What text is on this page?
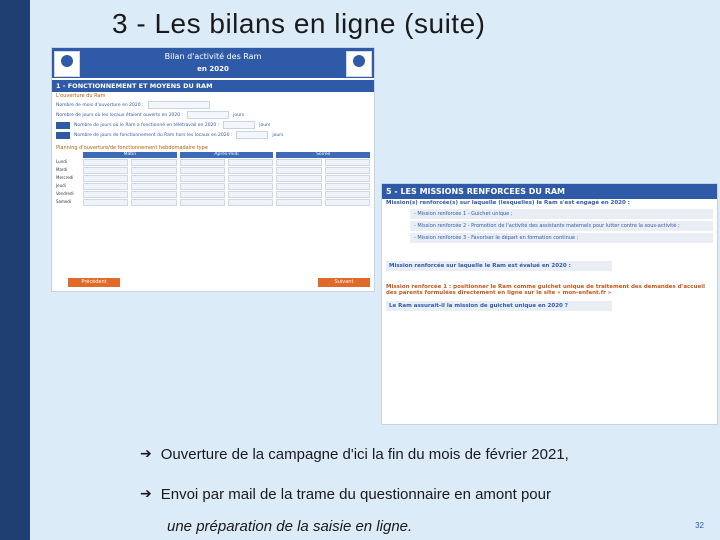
3 - Les bilans en ligne (suite)
Bilan d'activité des Ram
en 2020
1 - FONCTIONNEMENT ET MOYENS DU RAM
L'ouverture du Ram
Nombre de mois d'ouverture en 2020 :
Nombre de jours où les locaux étaient ouverts en 2020 :	jours
Nombre de jours où le Ram a fonctionné en télétravail en 2020 :	jours
Nombre de jours de fonctionnement du Ram hors les locaux en 2020 :	jours
Planning d'ouverture/de fonctionnement hebdomadaire type
Matin	Après-midi	Soirée
Lundi
Mardi
Mercredi
Jeudi
Vendredi
Samedi
Précédent	Suivant
5 - LES MISSIONS RENFORCEES DU RAM
Mission(s) renforcée(s) sur laquelle (lesquelles) le Ram s'est engagé en 2020 :
- Mission renforcée 1 - Guichet unique ;
- Mission renforcée 2 - Promotion de l'activité des assistants maternels pour lutter contre la sous-activité ;
- Mission renforcée 3 - Favoriser le départ en formation continue ;
Mission renforcée sur laquelle le Ram est évalué en 2020 :
Mission renforcée 1 : positionner le Ram comme guichet unique de traitement des demandes d'accueil des parents formulées directement en ligne sur le site « mon-enfant.fr »
Le Ram assurait-il la mission de guichet unique en 2020 ?
➔ Ouverture de la campagne d'ici la fin du mois de février 2021,
➔ Envoi par mail de la trame du questionnaire en amont pour
une préparation de la saisie en ligne.	32
